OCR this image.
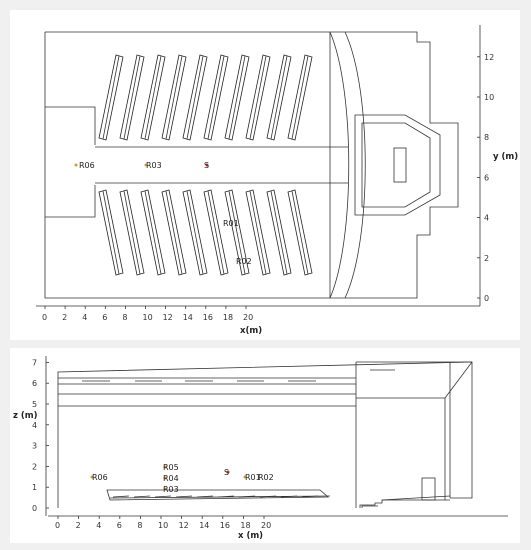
0 2 4 6 8 10 12 14 16 18 20
0
2
4
6
8
10
12
x(m)
y (m)
R06	R03	S
R01
R02
0 2 4 6 8 10 12 14 16 18 20
0
1
2
3
4
5
6
7
x (m)
z (m)
R05
R04
R03
R06
S
R01
R02
